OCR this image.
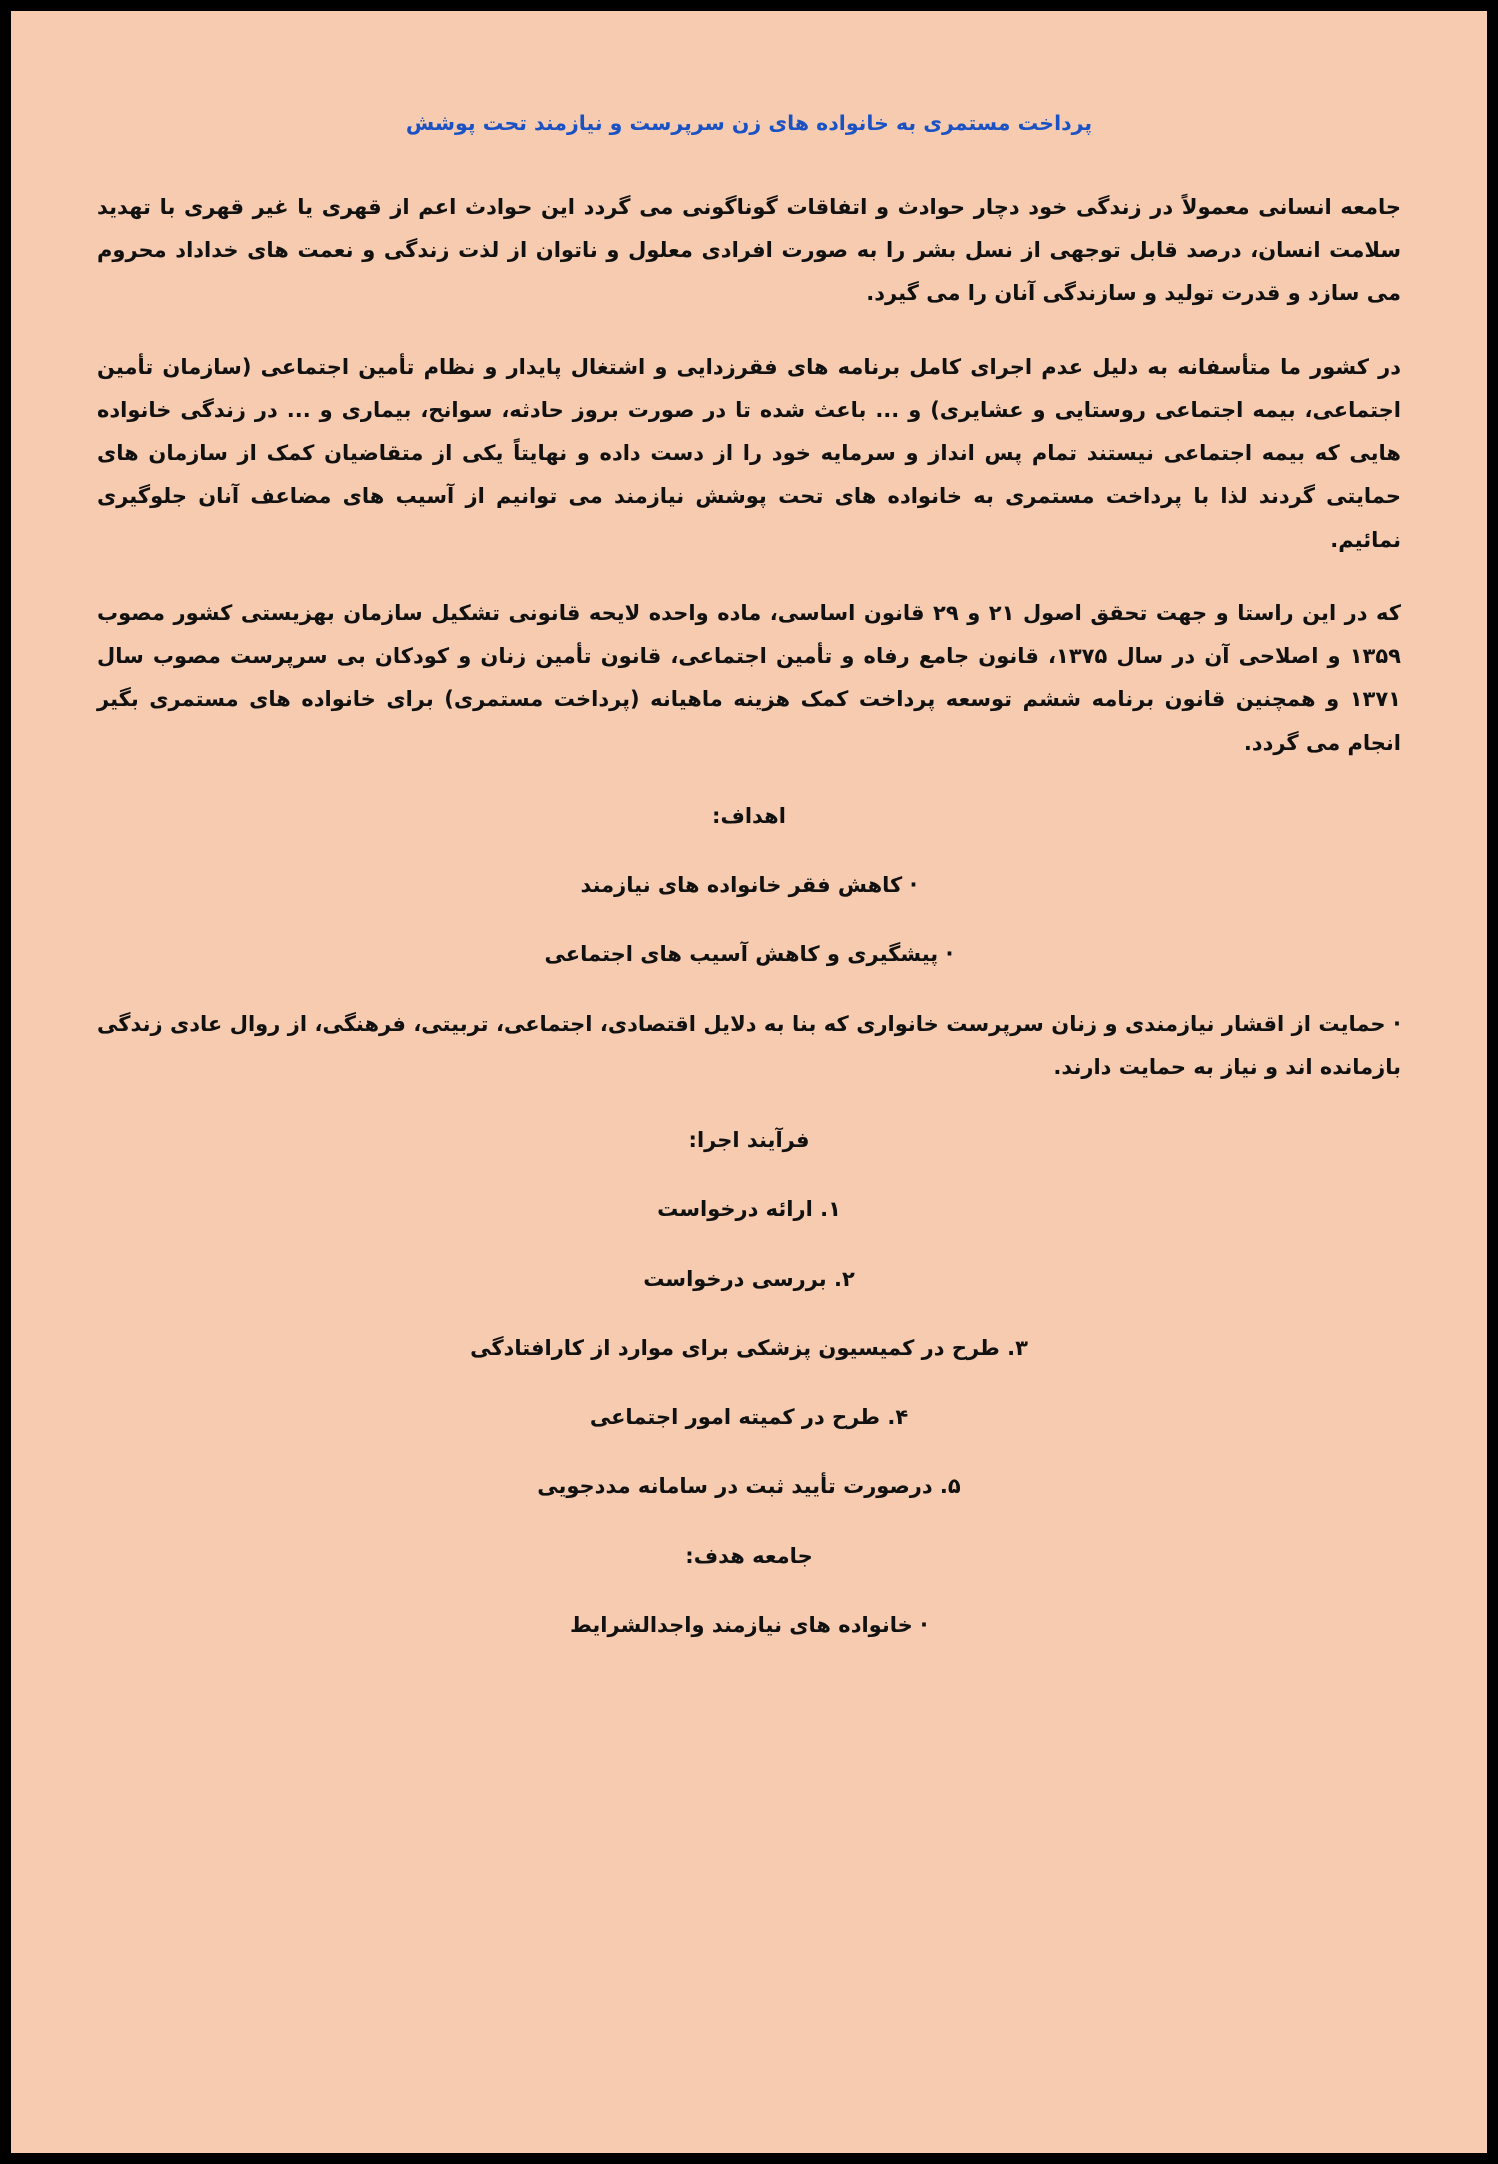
پرداخت مستمری به خانواده های زن سرپرست و نیازمند تحت پوشش

جامعه انسانی معمولاً در زندگی خود دچار حوادث و اتفاقات گوناگونی می گردد این حوادث اعم از قهری یا غیر قهری با تهدید سلامت انسان، درصد قابل توجهی از نسل بشر را به صورت افرادی معلول و ناتوان از لذت زندگی و نعمت های خداداد محروم می سازد و قدرت تولید و سازندگی آنان را می گیرد.

در کشور ما متأسفانه به دلیل عدم اجرای کامل برنامه های فقرزدایی و اشتغال پایدار و نظام تأمین اجتماعی (سازمان تأمین اجتماعی، بیمه اجتماعی روستایی و عشایری) و ... باعث شده تا در صورت بروز حادثه، سوانح، بیماری و ... در زندگی خانواده هایی که بیمه اجتماعی نیستند تمام پس انداز و سرمایه خود را از دست داده و نهایتاً یکی از متقاضیان کمک از سازمان های حمایتی گردند لذا با پرداخت مستمری به خانواده های تحت پوشش نیازمند می توانیم از آسیب های مضاعف آنان جلوگیری نمائیم.

که در این راستا و جهت تحقق اصول ۲۱ و ۲۹ قانون اساسی، ماده واحده لایحه قانونی تشکیل سازمان بهزیستی کشور مصوب ۱۳۵۹ و اصلاحی آن در سال ۱۳۷۵، قانون جامع رفاه و تأمین اجتماعی، قانون تأمین زنان و کودکان بی سرپرست مصوب سال ۱۳۷۱ و همچنین قانون برنامه ششم توسعه پرداخت کمک هزینه ماهیانه (پرداخت مستمری) برای خانواده های مستمری بگیر انجام می گردد.

اهداف:
· کاهش فقر خانواده های نیازمند
· پیشگیری و کاهش آسیب های اجتماعی
· حمایت از اقشار نیازمندی و زنان سرپرست خانواری که بنا به دلایل اقتصادی، اجتماعی، تربیتی، فرهنگی، از روال عادی زندگی بازمانده اند و نیاز به حمایت دارند.
فرآیند اجرا:
۱. ارائه درخواست
۲. بررسی درخواست
۳. طرح در کمیسیون پزشکی برای موارد از کارافتادگی
۴. طرح در کمیته امور اجتماعی
۵. درصورت تأیید ثبت در سامانه مددجویی
جامعه هدف:
· خانواده های نیازمند واجدالشرایط
